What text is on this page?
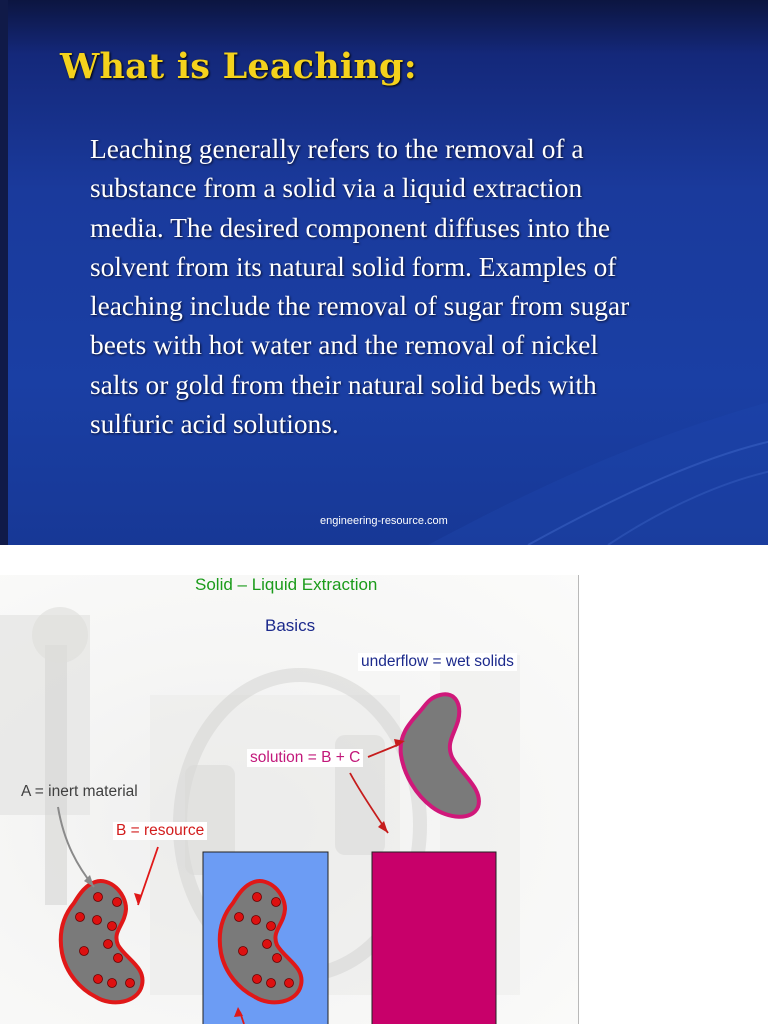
What is Leaching:
Leaching generally refers to the removal of a
substance from a solid via a liquid extraction
media. The desired component diffuses into the
solvent from its natural solid form. Examples of
leaching include the removal of sugar from sugar
beets with hot water and the removal of nickel
salts or gold from their natural solid beds with
sulfuric acid solutions.
engineering-resource.com
Solid – Liquid Extraction
Basics
underflow = wet solids
solution = B + C
A = inert material
B = resource
